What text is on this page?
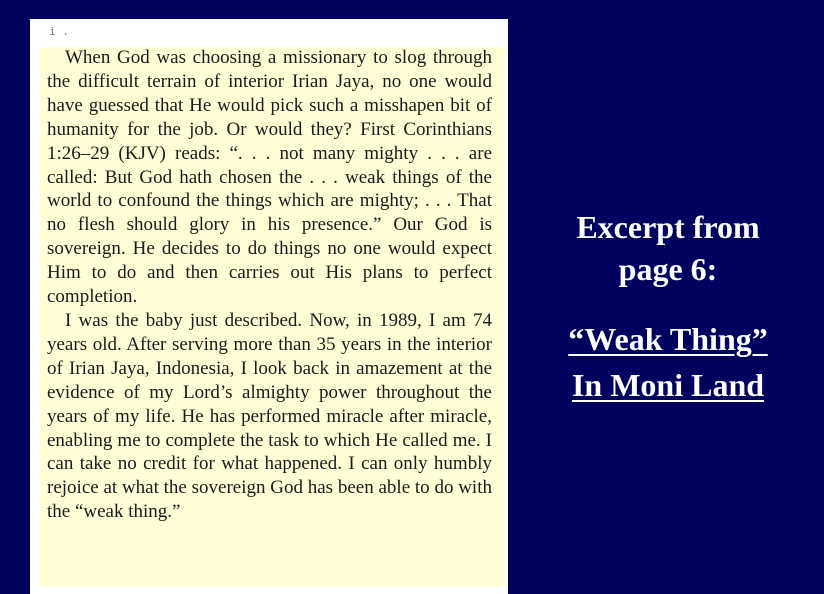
i .

When God was choosing a missionary to slog through the difficult terrain of interior Irian Jaya, no one would have guessed that He would pick such a misshapen bit of humanity for the job. Or would they? First Corinthians 1:26–29 (KJV) reads: “. . . not many mighty . . . are called: But God hath chosen the . . . weak things of the world to confound the things which are mighty; . . . That no flesh should glory in his presence.” Our God is sovereign. He decides to do things no one would expect Him to do and then carries out His plans to perfect completion.

I was the baby just described. Now, in 1989, I am 74 years old. After serving more than 35 years in the interior of Irian Jaya, Indonesia, I look back in amazement at the evidence of my Lord’s almighty power throughout the years of my life. He has performed miracle after miracle, enabling me to complete the task to which He called me. I can take no credit for what happened. I can only humbly rejoice at what the sovereign God has been able to do with the “weak thing.”

Excerpt from
page 6:
“Weak Thing”
In Moni Land
